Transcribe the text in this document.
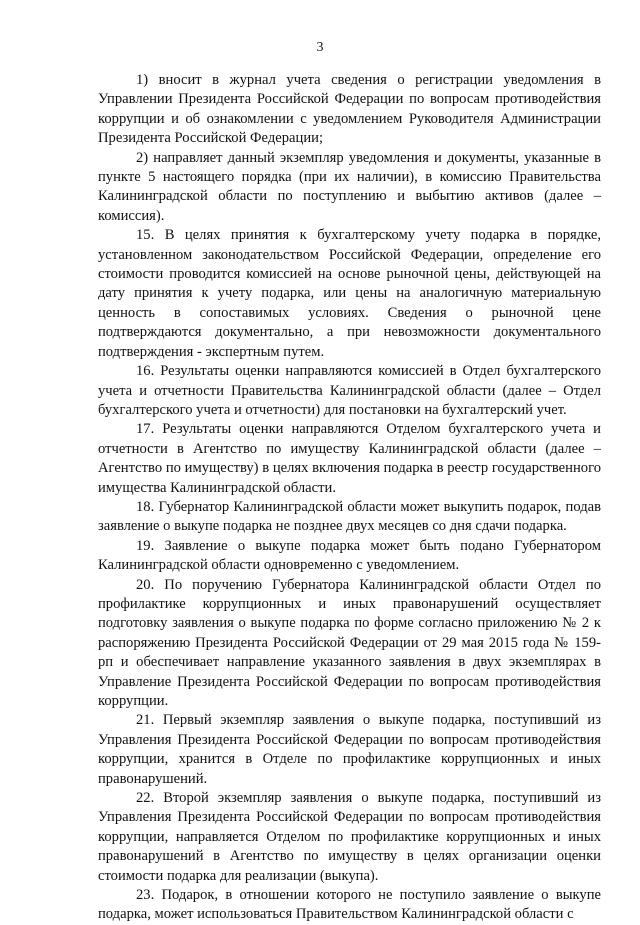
3

1) вносит в журнал учета сведения о регистрации уведомления в Управлении Президента Российской Федерации по вопросам противодействия коррупции и об ознакомлении с уведомлением Руководителя Администрации Президента Российской Федерации;

2) направляет данный экземпляр уведомления и документы, указанные в пункте 5 настоящего порядка (при их наличии), в комиссию Правительства Калининградской области по поступлению и выбытию активов (далее – комиссия).

15. В целях принятия к бухгалтерскому учету подарка в порядке, установленном законодательством Российской Федерации, определение его стоимости проводится комиссией на основе рыночной цены, действующей на дату принятия к учету подарка, или цены на аналогичную материальную ценность в сопоставимых условиях. Сведения о рыночной цене подтверждаются документально, а при невозможности документального подтверждения - экспертным путем.

16. Результаты оценки направляются комиссией в Отдел бухгалтерского учета и отчетности Правительства Калининградской области (далее – Отдел бухгалтерского учета и отчетности) для постановки на бухгалтерский учет.

17. Результаты оценки направляются Отделом бухгалтерского учета и отчетности в Агентство по имуществу Калининградской области (далее – Агентство по имуществу) в целях включения подарка в реестр государственного имущества Калининградской области.

18. Губернатор Калининградской области может выкупить подарок, подав заявление о выкупе подарка не позднее двух месяцев со дня сдачи подарка.

19. Заявление о выкупе подарка может быть подано Губернатором Калининградской области одновременно с уведомлением.

20. По поручению Губернатора Калининградской области Отдел по профилактике коррупционных и иных правонарушений осуществляет подготовку заявления о выкупе подарка по форме согласно приложению № 2 к распоряжению Президента Российской Федерации от 29 мая 2015 года № 159-рп и обеспечивает направление указанного заявления в двух экземплярах в Управление Президента Российской Федерации по вопросам противодействия коррупции.

21. Первый экземпляр заявления о выкупе подарка, поступивший из Управления Президента Российской Федерации по вопросам противодействия коррупции, хранится в Отделе по профилактике коррупционных и иных правонарушений.

22. Второй экземпляр заявления о выкупе подарка, поступивший из Управления Президента Российской Федерации по вопросам противодействия коррупции, направляется Отделом по профилактике коррупционных и иных правонарушений в Агентство по имуществу в целях организации оценки стоимости подарка для реализации (выкупа).

23. Подарок, в отношении которого не поступило заявление о выкупе подарка, может использоваться Правительством Калининградской области с
